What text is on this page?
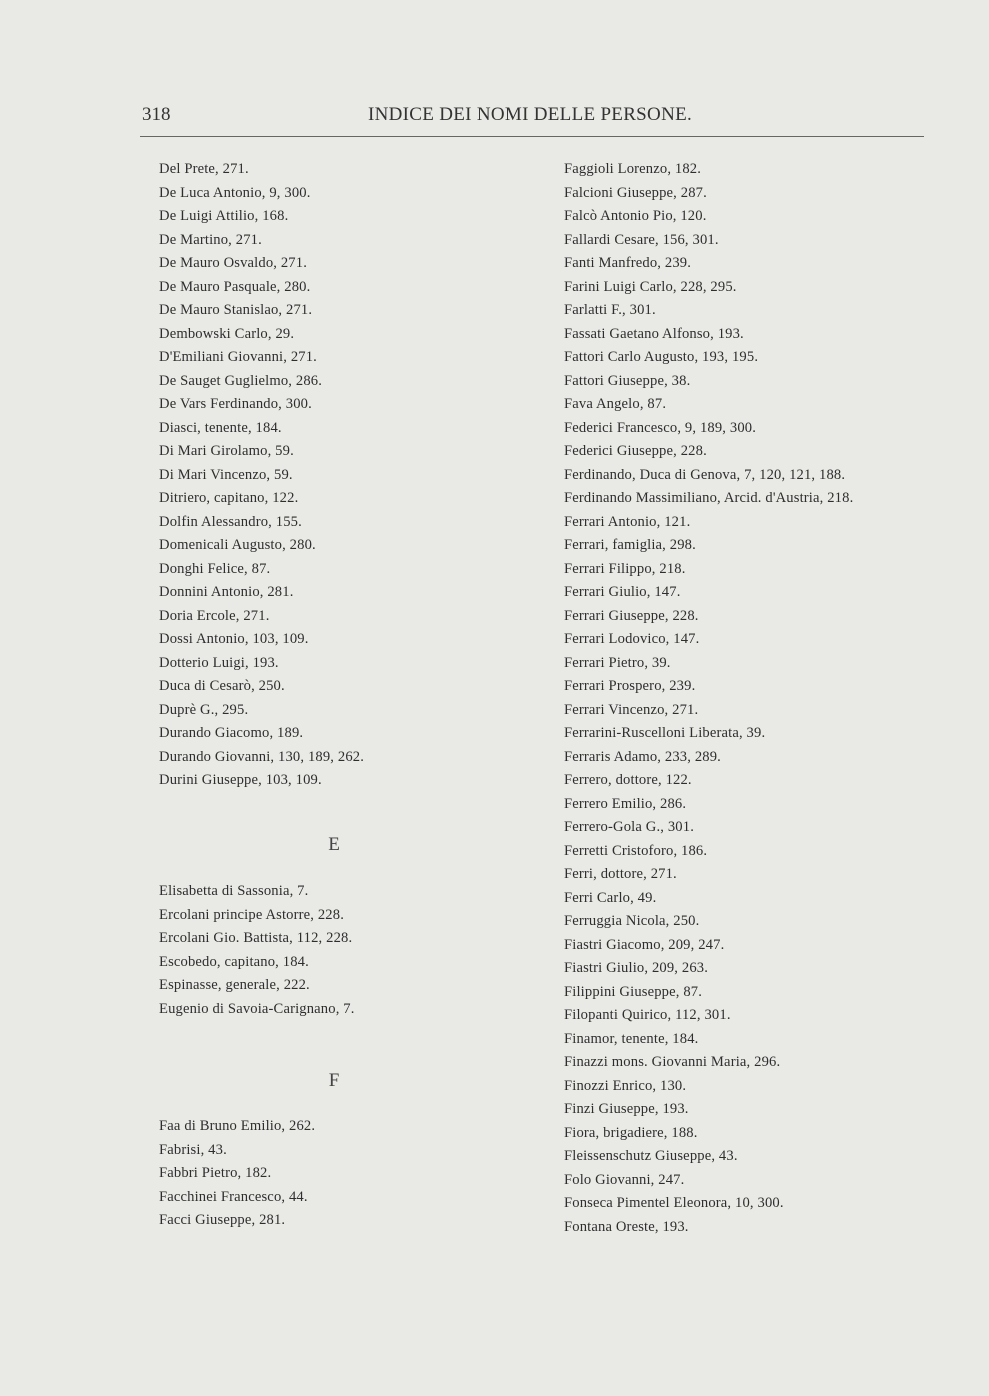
318	INDICE DEI NOMI DELLE PERSONE.
Del Prete, 271.
De Luca Antonio, 9, 300.
De Luigi Attilio, 168.
De Martino, 271.
De Mauro Osvaldo, 271.
De Mauro Pasquale, 280.
De Mauro Stanislao, 271.
Dembowski Carlo, 29.
D'Emiliani Giovanni, 271.
De Sauget Guglielmo, 286.
De Vars Ferdinando, 300.
Diasci, tenente, 184.
Di Mari Girolamo, 59.
Di Mari Vincenzo, 59.
Ditriero, capitano, 122.
Dolfin Alessandro, 155.
Domenicali Augusto, 280.
Donghi Felice, 87.
Donnini Antonio, 281.
Doria Ercole, 271.
Dossi Antonio, 103, 109.
Dotterio Luigi, 193.
Duca di Cesarò, 250.
Duprè G., 295.
Durando Giacomo, 189.
Durando Giovanni, 130, 189, 262.
Durini Giuseppe, 103, 109.
E
Elisabetta di Sassonia, 7.
Ercolani principe Astorre, 228.
Ercolani Gio. Battista, 112, 228.
Escobedo, capitano, 184.
Espinasse, generale, 222.
Eugenio di Savoia-Carignano, 7.
F
Faa di Bruno Emilio, 262.
Fabrisi, 43.
Fabbri Pietro, 182.
Facchinei Francesco, 44.
Facci Giuseppe, 281.
Faggioli Lorenzo, 182.
Falcioni Giuseppe, 287.
Falcò Antonio Pio, 120.
Fallardi Cesare, 156, 301.
Fanti Manfredo, 239.
Farini Luigi Carlo, 228, 295.
Farlatti F., 301.
Fassati Gaetano Alfonso, 193.
Fattori Carlo Augusto, 193, 195.
Fattori Giuseppe, 38.
Fava Angelo, 87.
Federici Francesco, 9, 189, 300.
Federici Giuseppe, 228.
Ferdinando, Duca di Genova, 7, 120, 121, 188.
Ferdinando Massimiliano, Arcid. d'Austria, 218.
Ferrari Antonio, 121.
Ferrari, famiglia, 298.
Ferrari Filippo, 218.
Ferrari Giulio, 147.
Ferrari Giuseppe, 228.
Ferrari Lodovico, 147.
Ferrari Pietro, 39.
Ferrari Prospero, 239.
Ferrari Vincenzo, 271.
Ferrarini-Ruscelloni Liberata, 39.
Ferraris Adamo, 233, 289.
Ferrero, dottore, 122.
Ferrero Emilio, 286.
Ferrero-Gola G., 301.
Ferretti Cristoforo, 186.
Ferri, dottore, 271.
Ferri Carlo, 49.
Ferruggia Nicola, 250.
Fiastri Giacomo, 209, 247.
Fiastri Giulio, 209, 263.
Filippini Giuseppe, 87.
Filopanti Quirico, 112, 301.
Finamor, tenente, 184.
Finazzi mons. Giovanni Maria, 296.
Finozzi Enrico, 130.
Finzi Giuseppe, 193.
Fiora, brigadiere, 188.
Fleissenschutz Giuseppe, 43.
Folo Giovanni, 247.
Fonseca Pimentel Eleonora, 10, 300.
Fontana Oreste, 193.
